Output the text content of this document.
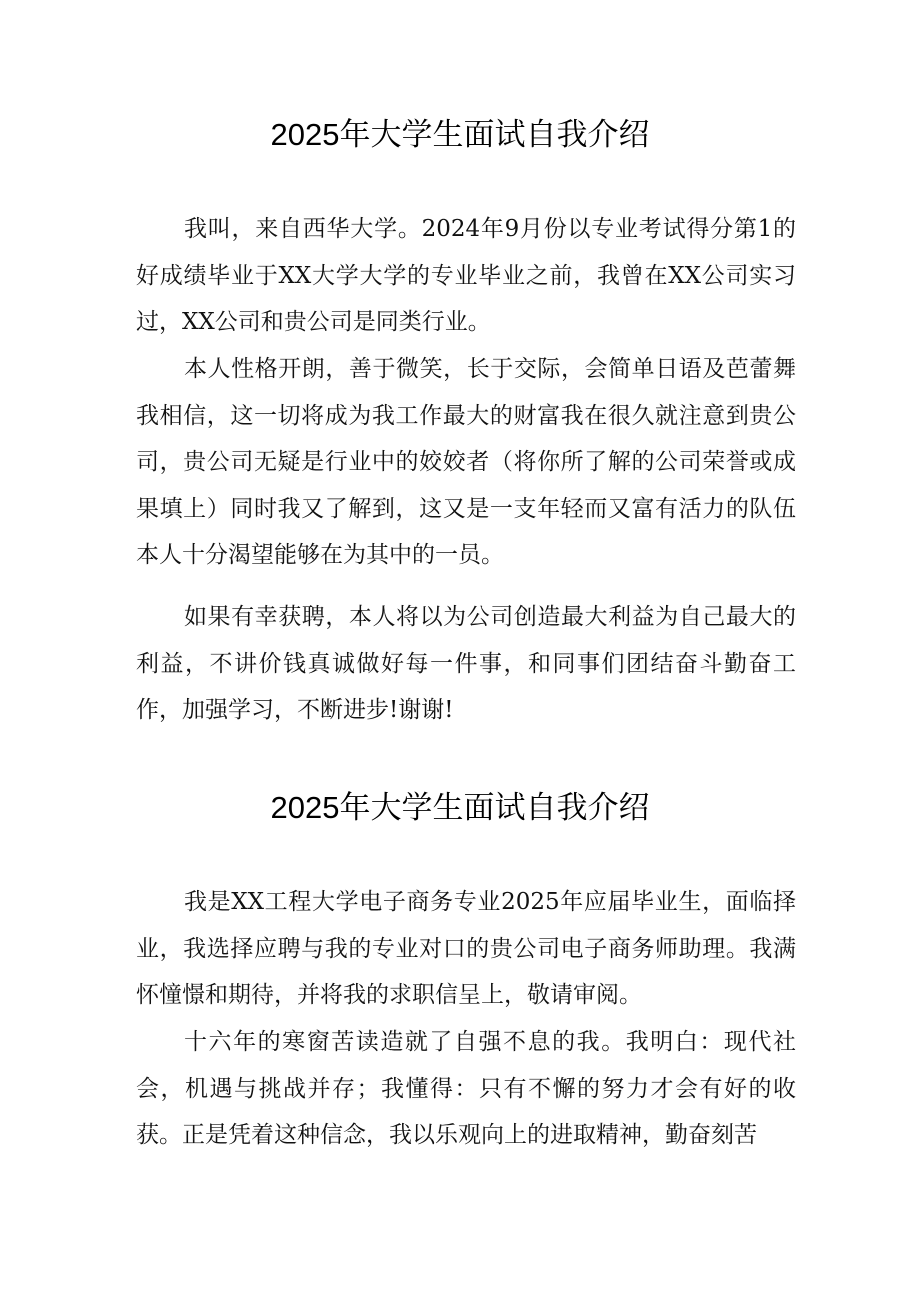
2025年大学生面试自我介绍
我叫，来自西华大学。2024年9月份以专业考试得分第1的好成绩毕业于XX大学大学的专业毕业之前，我曾在XX公司实习过，XX公司和贵公司是同类行业。
本人性格开朗，善于微笑，长于交际，会简单日语及芭蕾舞我相信，这一切将成为我工作最大的财富我在很久就注意到贵公司，贵公司无疑是行业中的姣姣者（将你所了解的公司荣誉或成果填上）同时我又了解到，这又是一支年轻而又富有活力的队伍本人十分渴望能够在为其中的一员。
如果有幸获聘，本人将以为公司创造最大利益为自己最大的利益，不讲价钱真诚做好每一件事，和同事们团结奋斗勤奋工作，加强学习，不断进步!谢谢!
2025年大学生面试自我介绍
我是XX工程大学电子商务专业2025年应届毕业生，面临择业，我选择应聘与我的专业对口的贵公司电子商务师助理。我满怀憧憬和期待，并将我的求职信呈上，敬请审阅。
十六年的寒窗苦读造就了自强不息的我。我明白：现代社会，机遇与挑战并存；我懂得：只有不懈的努力才会有好的收获。正是凭着这种信念，我以乐观向上的进取精神，勤奋刻苦
